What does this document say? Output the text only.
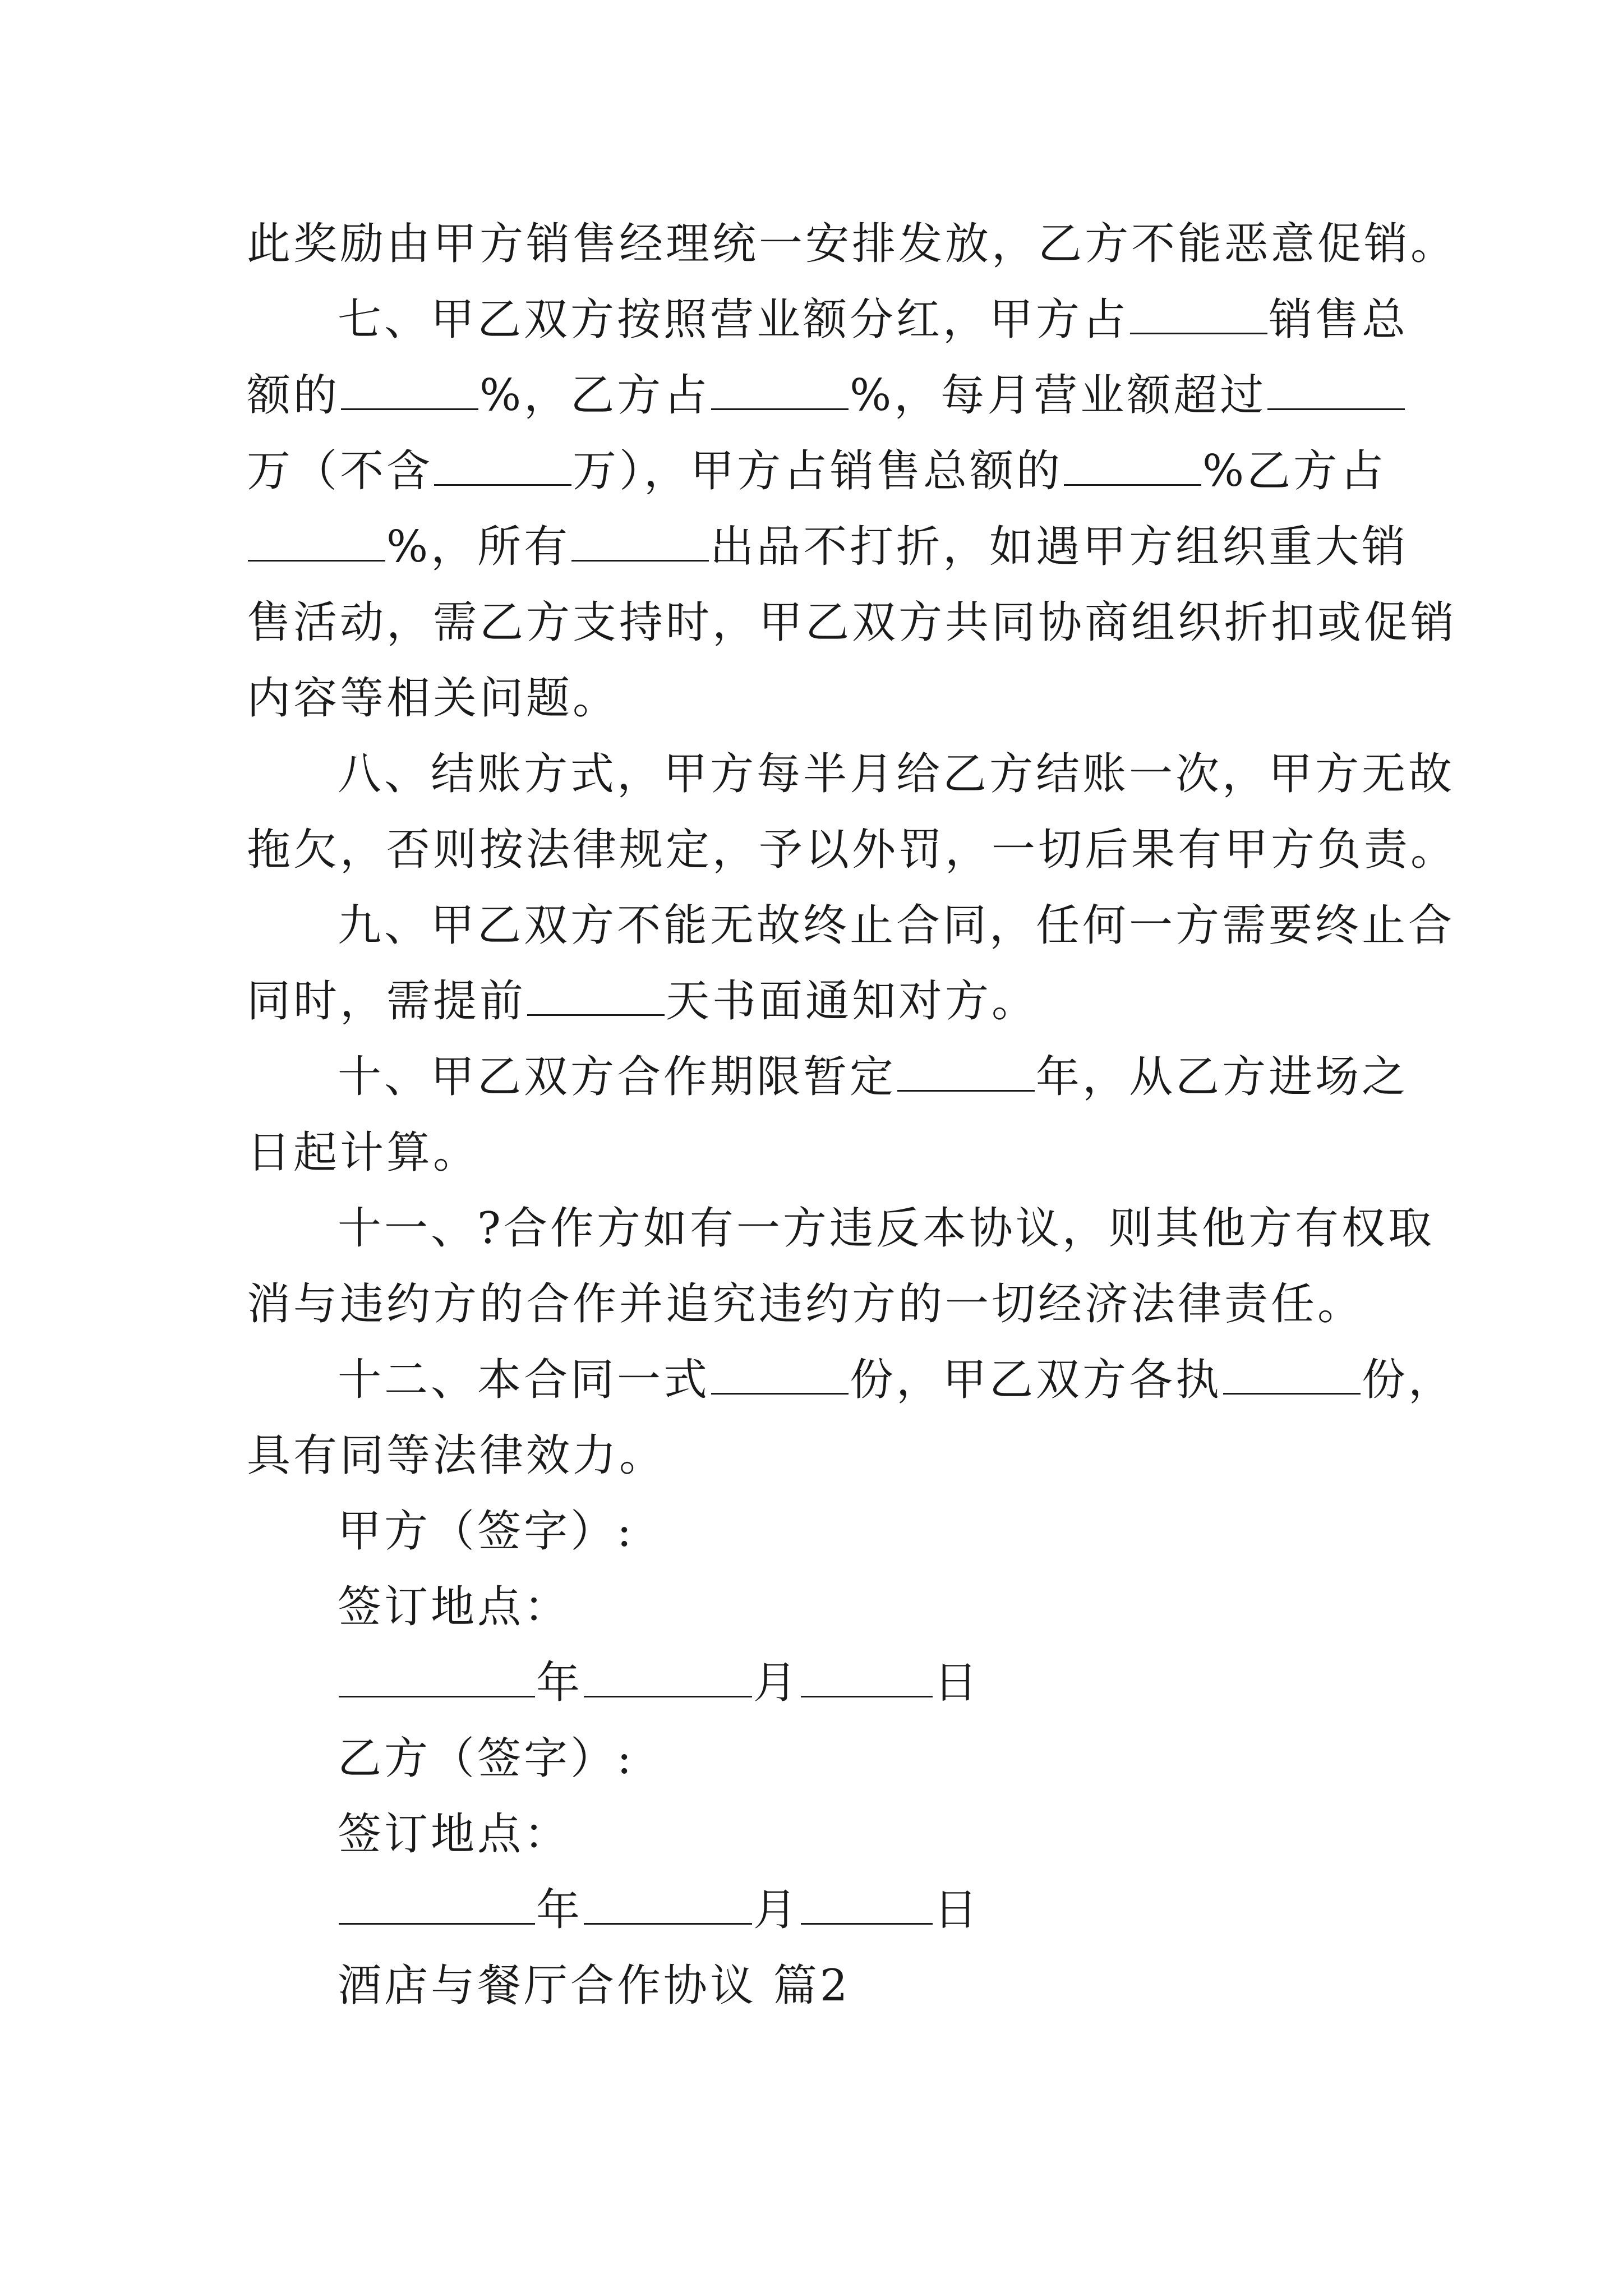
此奖励由甲方销售经理统一安排发放，乙方不能恶意促销。
七、甲乙双方按照营业额分红，甲方占	销售总
额的	%，乙方占	%，每月营业额超过
万（不含	万），甲方占销售总额的	%乙方占
%，所有	出品不打折，如遇甲方组织重大销
售活动，需乙方支持时，甲乙双方共同协商组织折扣或促销
内容等相关问题。
八、结账方式，甲方每半月给乙方结账一次，甲方无故
拖欠，否则按法律规定，予以外罚，一切后果有甲方负责。
九、甲乙双方不能无故终止合同，任何一方需要终止合
同时，需提前	天书面通知对方。
十、甲乙双方合作期限暂定	年，从乙方进场之
日起计算。
十一、?合作方如有一方违反本协议，则其他方有权取
消与违约方的合作并追究违约方的一切经济法律责任。
十二、本合同一式	份，甲乙双方各执	份，
具有同等法律效力。
甲方（签字）:
签订地点：
年	月	日
乙方（签字）:
签订地点：
年	月	日
酒店与餐厅合作协议 篇2
